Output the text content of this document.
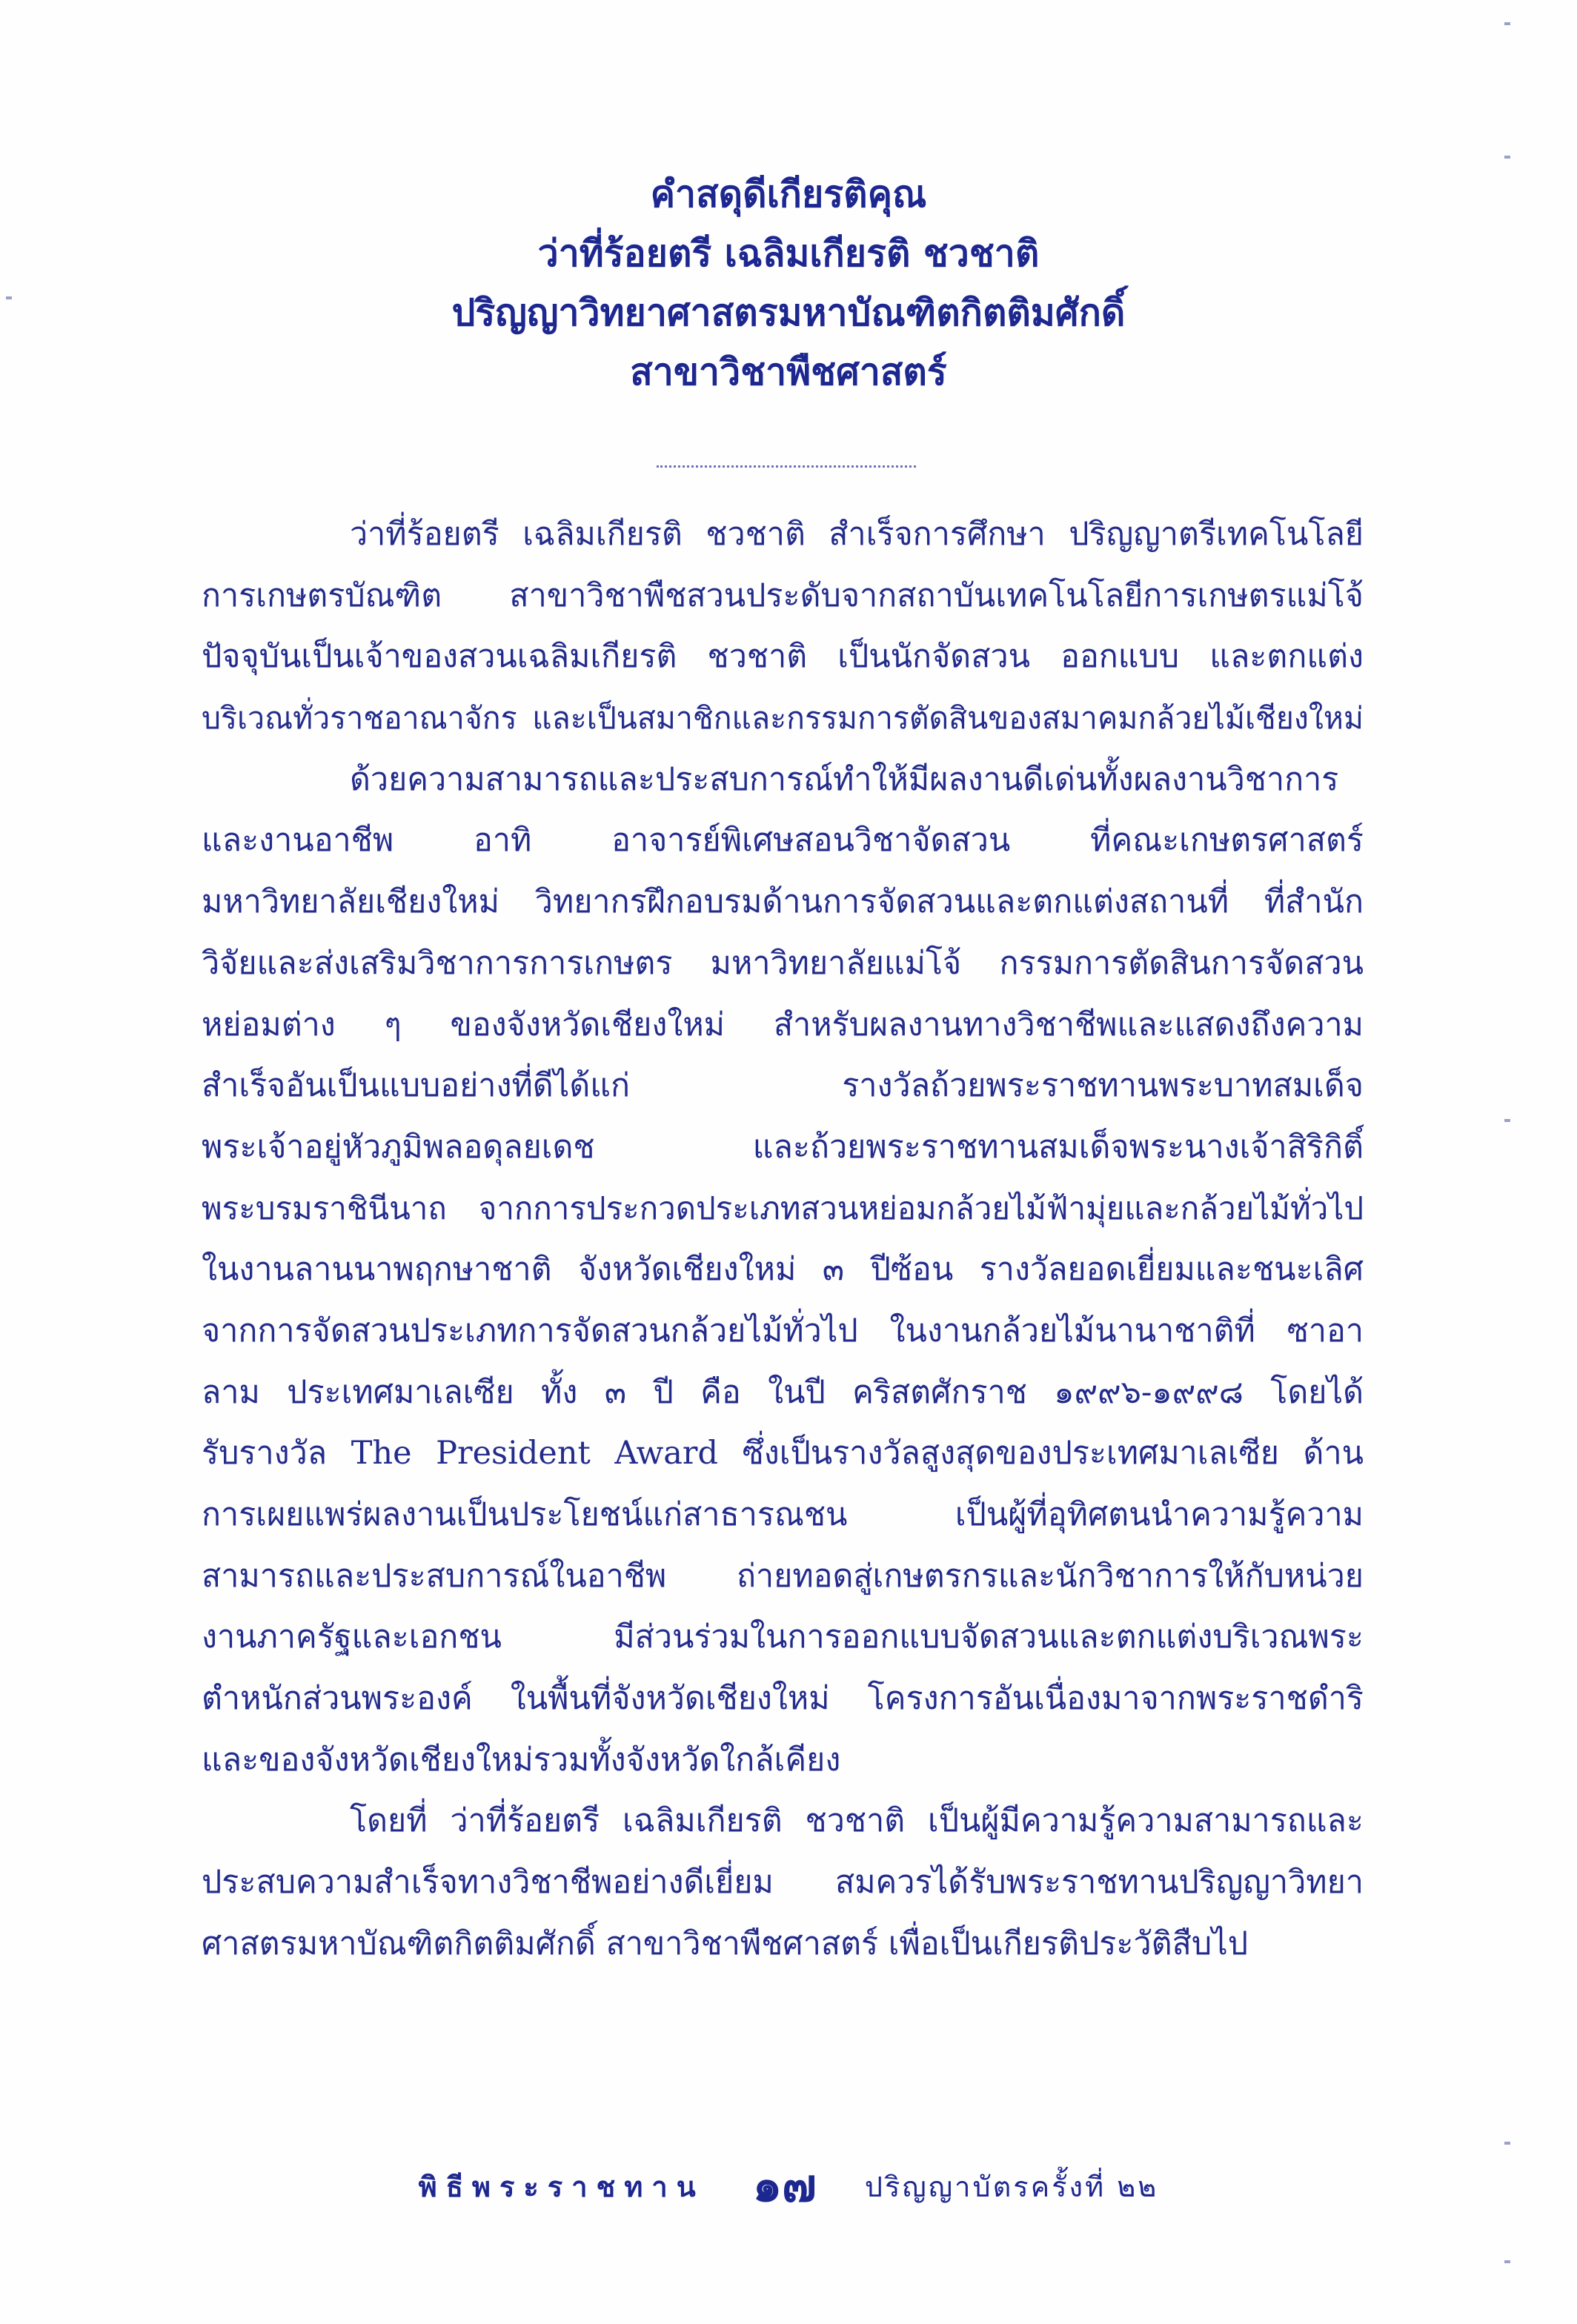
คำสดุดีเกียรติคุณ
ว่าที่ร้อยตรี เฉลิมเกียรติ ชวชาติ
ปริญญาวิทยาศาสตรมหาบัณฑิตกิตติมศักดิ์
สาขาวิชาพืชศาสตร์
ว่าที่ร้อยตรี เฉลิมเกียรติ ชวชาติ สำเร็จการศึกษา ปริญญาตรีเทคโนโลยี
การเกษตรบัณฑิต สาขาวิชาพืชสวนประดับจากสถาบันเทคโนโลยีการเกษตรแม่โจ้
ปัจจุบันเป็นเจ้าของสวนเฉลิมเกียรติ ชวชาติ เป็นนักจัดสวน ออกแบบ และตกแต่ง
บริเวณทั่วราชอาณาจักร และเป็นสมาชิกและกรรมการตัดสินของสมาคมกล้วยไม้เชียงใหม่
ด้วยความสามารถและประสบการณ์ทำให้มีผลงานดีเด่นทั้งผลงานวิชาการ
และงานอาชีพ อาทิ อาจารย์พิเศษสอนวิชาจัดสวน ที่คณะเกษตรศาสตร์
มหาวิทยาลัยเชียงใหม่ วิทยากรฝึกอบรมด้านการจัดสวนและตกแต่งสถานที่ ที่สำนัก
วิจัยและส่งเสริมวิชาการการเกษตร มหาวิทยาลัยแม่โจ้ กรรมการตัดสินการจัดสวน
หย่อมต่าง ๆ ของจังหวัดเชียงใหม่ สำหรับผลงานทางวิชาชีพและแสดงถึงความ
สำเร็จอันเป็นแบบอย่างที่ดีได้แก่ รางวัลถ้วยพระราชทานพระบาทสมเด็จ
พระเจ้าอยู่หัวภูมิพลอดุลยเดช และถ้วยพระราชทานสมเด็จพระนางเจ้าสิริกิติ์
พระบรมราชินีนาถ จากการประกวดประเภทสวนหย่อมกล้วยไม้ฟ้ามุ่ยและกล้วยไม้ทั่วไป
ในงานลานนาพฤกษาชาติ จังหวัดเชียงใหม่ ๓ ปีซ้อน รางวัลยอดเยี่ยมและชนะเลิศ
จากการจัดสวนประเภทการจัดสวนกล้วยไม้ทั่วไป ในงานกล้วยไม้นานาชาติที่ ซาอา
ลาม ประเทศมาเลเซีย ทั้ง ๓ ปี คือ ในปี คริสตศักราช ๑๙๙๖-๑๙๙๘ โดยได้
รับรางวัล The President Award ซึ่งเป็นรางวัลสูงสุดของประเทศมาเลเซีย ด้าน
การเผยแพร่ผลงานเป็นประโยชน์แก่สาธารณชน เป็นผู้ที่อุทิศตนนำความรู้ความ
สามารถและประสบการณ์ในอาชีพ ถ่ายทอดสู่เกษตรกรและนักวิชาการให้กับหน่วย
งานภาครัฐและเอกชน มีส่วนร่วมในการออกแบบจัดสวนและตกแต่งบริเวณพระ
ตำหนักส่วนพระองค์ ในพื้นที่จังหวัดเชียงใหม่ โครงการอันเนื่องมาจากพระราชดำริ
และของจังหวัดเชียงใหม่รวมทั้งจังหวัดใกล้เคียง
โดยที่ ว่าที่ร้อยตรี เฉลิมเกียรติ ชวชาติ เป็นผู้มีความรู้ความสามารถและ
ประสบความสำเร็จทางวิชาชีพอย่างดีเยี่ยม สมควรได้รับพระราชทานปริญญาวิทยา
ศาสตรมหาบัณฑิตกิตติมศักดิ์ สาขาวิชาพืชศาสตร์ เพื่อเป็นเกียรติประวัติสืบไป
พิธีพระราชทาน ๑๗ ปริญญาบัตรครั้งที่ ๒๒
